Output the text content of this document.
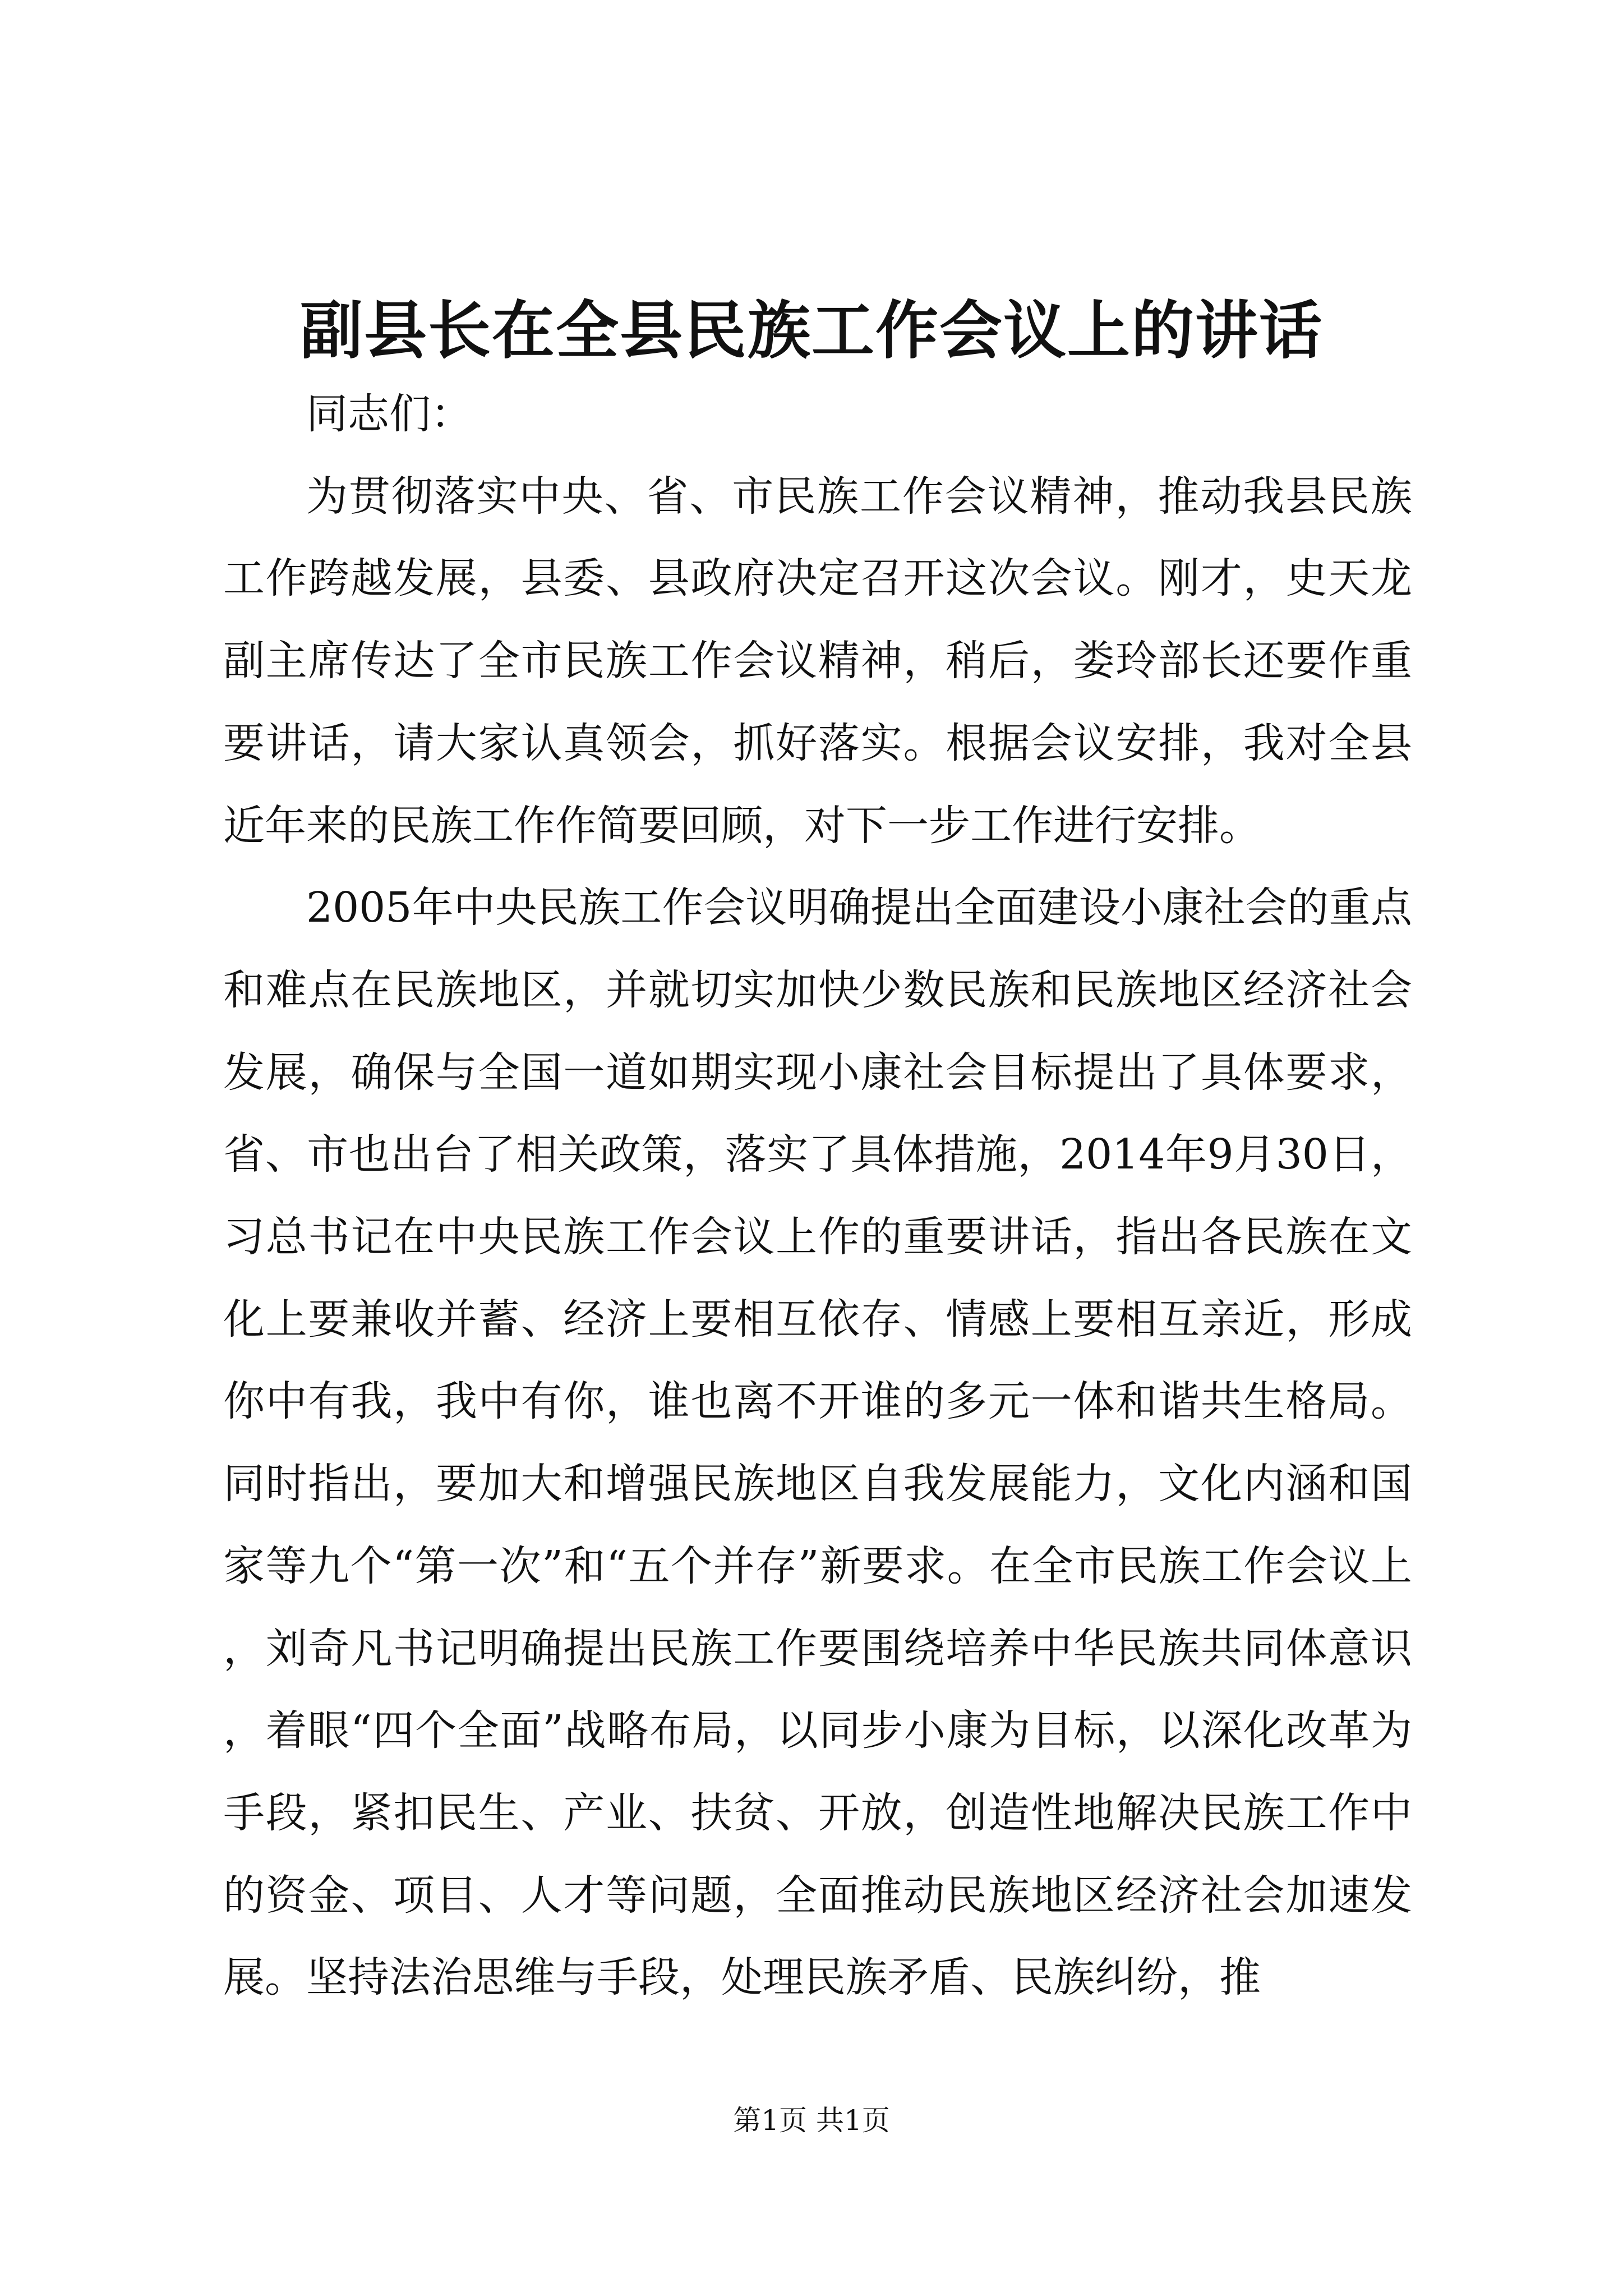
副县长在全县民族工作会议上的讲话

同志们：

为贯彻落实中央、省、市民族工作会议精神，推动我县民族工作跨越发展，县委、县政府决定召开这次会议。刚才，史天龙副主席传达了全市民族工作会议精神，稍后，娄玲部长还要作重要讲话，请大家认真领会，抓好落实。根据会议安排，我对全县近年来的民族工作作简要回顾，对下一步工作进行安排。

2005年中央民族工作会议明确提出全面建设小康社会的重点和难点在民族地区，并就切实加快少数民族和民族地区经济社会发展，确保与全国一道如期实现小康社会目标提出了具体要求，省、市也出台了相关政策，落实了具体措施，2014年9月30日，习总书记在中央民族工作会议上作的重要讲话，指出各民族在文化上要兼收并蓄、经济上要相互依存、情感上要相互亲近，形成你中有我，我中有你，谁也离不开谁的多元一体和谐共生格局。同时指出，要加大和增强民族地区自我发展能力，文化内涵和国家等九个“第一次”和“五个并存”新要求。在全市民族工作会议上，刘奇凡书记明确提出民族工作要围绕培养中华民族共同体意识，着眼“四个全面”战略布局，以同步小康为目标，以深化改革为手段，紧扣民生、产业、扶贫、开放，创造性地解决民族工作中的资金、项目、人才等问题，全面推动民族地区经济社会加速发展。坚持法治思维与手段，处理民族矛盾、民族纠纷，推

第1页 共1页
